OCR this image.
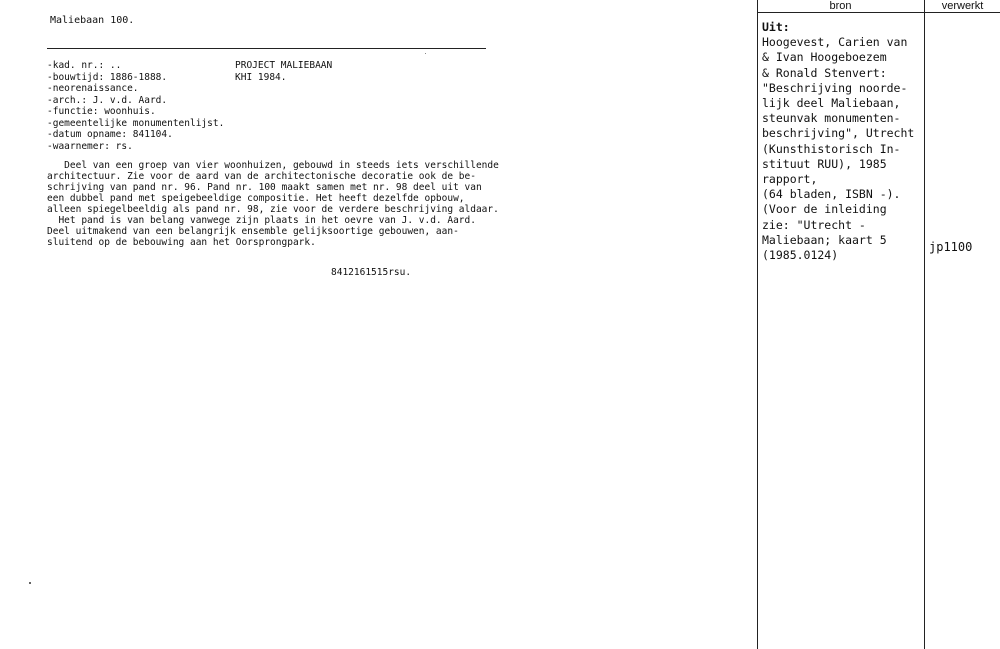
Maliebaan 100.
-kad. nr.: ..
-bouwtijd: 1886-1888.
-neorenaissance.
-arch.: J. v.d. Aard.
-functie: woonhuis.
-gemeentelijke monumentenlijst.
-datum opname: 841104.
-waarnemer: rs.
PROJECT MALIEBAAN
KHI 1984.
Deel van een groep van vier woonhuizen, gebouwd in steeds iets verschillende
architectuur. Zie voor de aard van de architectonische decoratie ook de be-
schrijving van pand nr. 96. Pand nr. 100 maakt samen met nr. 98 deel uit van
een dubbel pand met speigebeeldige compositie. Het heeft dezelfde opbouw,
alleen spiegelbeeldig als pand nr. 98, zie voor de verdere beschrijving aldaar.
Het pand is van belang vanwege zijn plaats in het oevre van J. v.d. Aard.
Deel uitmakend van een belangrijk ensemble gelijksoortige gebouwen, aan-
sluitend op de bebouwing aan het Oorsprongpark.
8412161515rsu.
bron	verwerkt
Uit:
Hoogevest, Carien van
& Ivan Hoogeboezem
& Ronald Stenvert:
"Beschrijving noorde-
lijk deel Maliebaan,
steunvak monumenten-
beschrijving", Utrecht
(Kunsthistorisch In-
stituut RUU), 1985
rapport,
(64 bladen, ISBN -).
(Voor de inleiding
zie: "Utrecht -
Maliebaan; kaart 5
(1985.0124)
jp1100
